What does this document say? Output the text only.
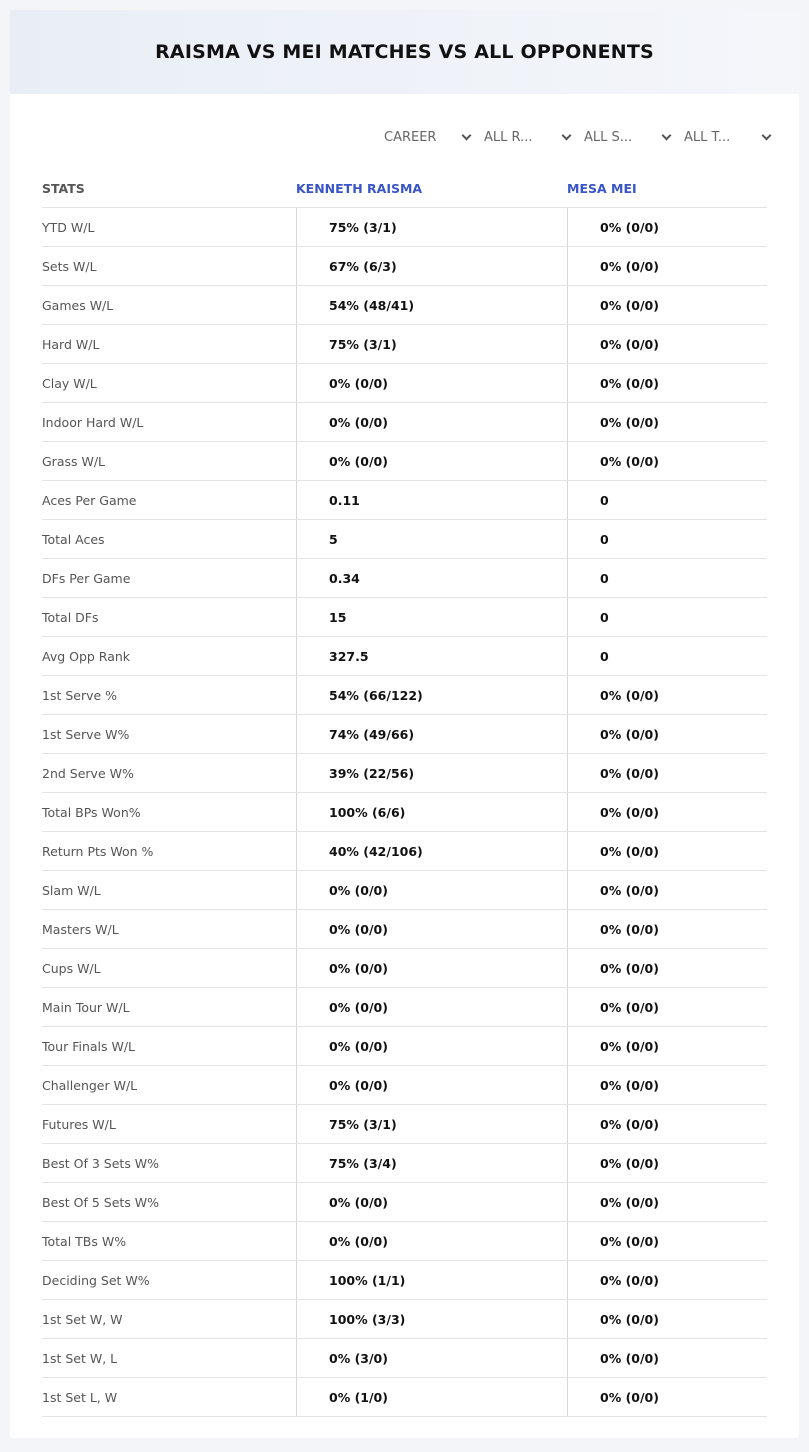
RAISMA VS MEI MATCHES VS ALL OPPONENTS
CAREER	ALL R...	ALL S...	ALL T...
STATS	KENNETH RAISMA	MESA MEI
YTD W/L	75% (3/1)	0% (0/0)
Sets W/L	67% (6/3)	0% (0/0)
Games W/L	54% (48/41)	0% (0/0)
Hard W/L	75% (3/1)	0% (0/0)
Clay W/L	0% (0/0)	0% (0/0)
Indoor Hard W/L	0% (0/0)	0% (0/0)
Grass W/L	0% (0/0)	0% (0/0)
Aces Per Game	0.11	0
Total Aces	5	0
DFs Per Game	0.34	0
Total DFs	15	0
Avg Opp Rank	327.5	0
1st Serve %	54% (66/122)	0% (0/0)
1st Serve W%	74% (49/66)	0% (0/0)
2nd Serve W%	39% (22/56)	0% (0/0)
Total BPs Won%	100% (6/6)	0% (0/0)
Return Pts Won %	40% (42/106)	0% (0/0)
Slam W/L	0% (0/0)	0% (0/0)
Masters W/L	0% (0/0)	0% (0/0)
Cups W/L	0% (0/0)	0% (0/0)
Main Tour W/L	0% (0/0)	0% (0/0)
Tour Finals W/L	0% (0/0)	0% (0/0)
Challenger W/L	0% (0/0)	0% (0/0)
Futures W/L	75% (3/1)	0% (0/0)
Best Of 3 Sets W%	75% (3/4)	0% (0/0)
Best Of 5 Sets W%	0% (0/0)	0% (0/0)
Total TBs W%	0% (0/0)	0% (0/0)
Deciding Set W%	100% (1/1)	0% (0/0)
1st Set W, W	100% (3/3)	0% (0/0)
1st Set W, L	0% (3/0)	0% (0/0)
1st Set L, W	0% (1/0)	0% (0/0)
